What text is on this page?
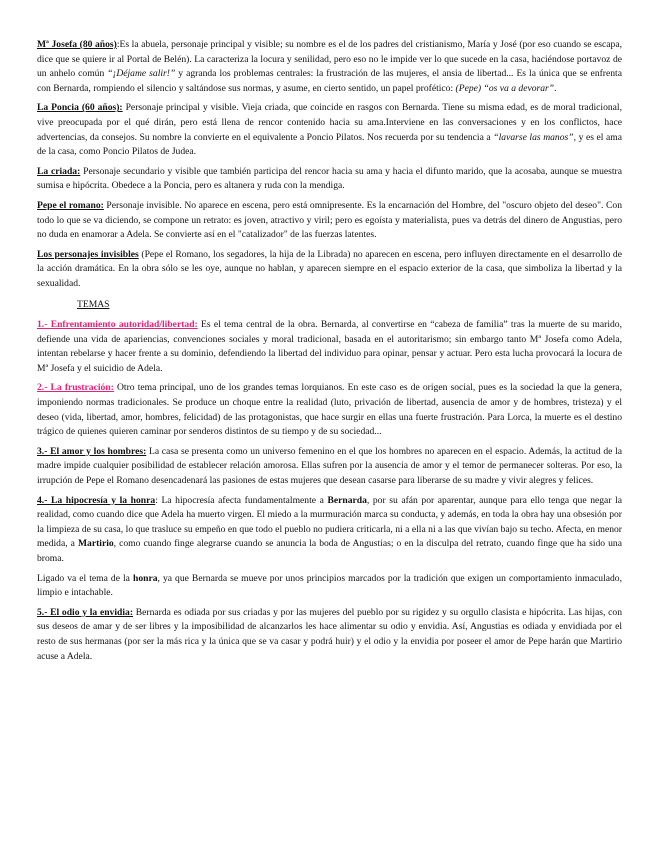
Mª Josefa (80 años):Es la abuela, personaje principal y visible; su nombre es el de los padres del cristianismo, María y José (por eso cuando se escapa, dice que se quiere ir al Portal de Belén). La caracteriza la locura y senilidad, pero eso no le impide ver lo que sucede en la casa, haciéndose portavoz de un anhelo común “¡Déjame salir!” y agranda los problemas centrales: la frustración de las mujeres, el ansia de libertad... Es la única que se enfrenta con Bernarda, rompiendo el silencio y saltándose sus normas, y asume, en cierto sentido, un papel profético: (Pepe) “os va a devorar”.

La Poncia (60 años): Personaje principal y visible. Vieja criada, que coincide en rasgos con Bernarda. Tiene su misma edad, es de moral tradicional, vive preocupada por el qué dirán, pero está llena de rencor contenido hacia su ama.Interviene en las conversaciones y en los conflictos, hace advertencias, da consejos. Su nombre la convierte en el equivalente a Poncio Pilatos. Nos recuerda por su tendencia a “lavarse las manos”, y es el ama de la casa, como Poncio Pilatos de Judea.

La criada: Personaje secundario y visible que también participa del rencor hacia su ama y hacia el difunto marido, que la acosaba, aunque se muestra sumisa e hipócrita. Obedece a la Poncia, pero es altanera y ruda con la mendiga.

Pepe el romano: Personaje invisible. No aparece en escena, pero está omnipresente. Es la encarnación del Hombre, del "oscuro objeto del deseo". Con todo lo que se va diciendo, se compone un retrato: es joven, atractivo y viril; pero es egoísta y materialista, pues va detrás del dinero de Angustias, pero no duda en enamorar a Adela. Se convierte así en el "catalizador" de las fuerzas latentes.

Los personajes invisibles (Pepe el Romano, los segadores, la hija de la Librada) no aparecen en escena, pero influyen directamente en el desarrollo de la acción dramática. En la obra sólo se les oye, aunque no hablan, y aparecen siempre en el espacio exterior de la casa, que simboliza la libertad y la sexualidad.

TEMAS

1.- Enfrentamiento autoridad/libertad: Es el tema central de la obra. Bernarda, al convertirse en “cabeza de familia” tras la muerte de su marido, defiende una vida de apariencias, convenciones sociales y moral tradicional, basada en el autoritarismo; sin embargo tanto Mª Josefa como Adela, intentan rebelarse y hacer frente a su dominio, defendiendo la libertad del individuo para opinar, pensar y actuar. Pero esta lucha provocará la locura de Mª Josefa y el suicidio de Adela.

2.- La frustración: Otro tema principal, uno de los grandes temas lorquianos. En este caso es de origen social, pues es la sociedad la que la genera, imponiendo normas tradicionales. Se produce un choque entre la realidad (luto, privación de libertad, ausencia de amor y de hombres, tristeza) y el deseo (vida, libertad, amor, hombres, felicidad) de las protagonistas, que hace surgir en ellas una fuerte frustración. Para Lorca, la muerte es el destino trágico de quienes quieren caminar por senderos distintos de su tiempo y de su sociedad...

3.- El amor y los hombres: La casa se presenta como un universo femenino en el que los hombres no aparecen en el espacio. Además, la actitud de la madre impide cualquier posibilidad de establecer relación amorosa. Ellas sufren por la ausencia de amor y el temor de permanecer solteras. Por eso, la irrupción de Pepe el Romano desencadenará las pasiones de estas mujeres que desean casarse para liberarse de su madre y vivir alegres y felices.

4.- La hipocresía y la honra: La hipocresía afecta fundamentalmente a Bernarda, por su afán por aparentar, aunque para ello tenga que negar la realidad, como cuando dice que Adela ha muerto virgen. El miedo a la murmuración marca su conducta, y además, en toda la obra hay una obsesión por la limpieza de su casa, lo que trasluce su empeño en que todo el pueblo no pudiera criticarla, ni a ella ni a las que vivían bajo su techo. Afecta, en menor medida, a Martirio, como cuando finge alegrarse cuando se anuncia la boda de Angustias; o en la disculpa del retrato, cuando finge que ha sido una broma.

Ligado va el tema de la honra, ya que Bernarda se mueve por unos principios marcados por la tradición que exigen un comportamiento inmaculado, limpio e intachable.

5.- El odio y la envidia: Bernarda es odiada por sus criadas y por las mujeres del pueblo por su rigidez y su orgullo clasista e hipócrita. Las hijas, con sus deseos de amar y de ser libres y la imposibilidad de alcanzarlos les hace alimentar su odio y envidia. Así, Angustias es odiada y envidiada por el resto de sus hermanas (por ser la más rica y la única que se va casar y podrá huir) y el odio y la envidia por poseer el amor de Pepe harán que Martirio acuse a Adela.
